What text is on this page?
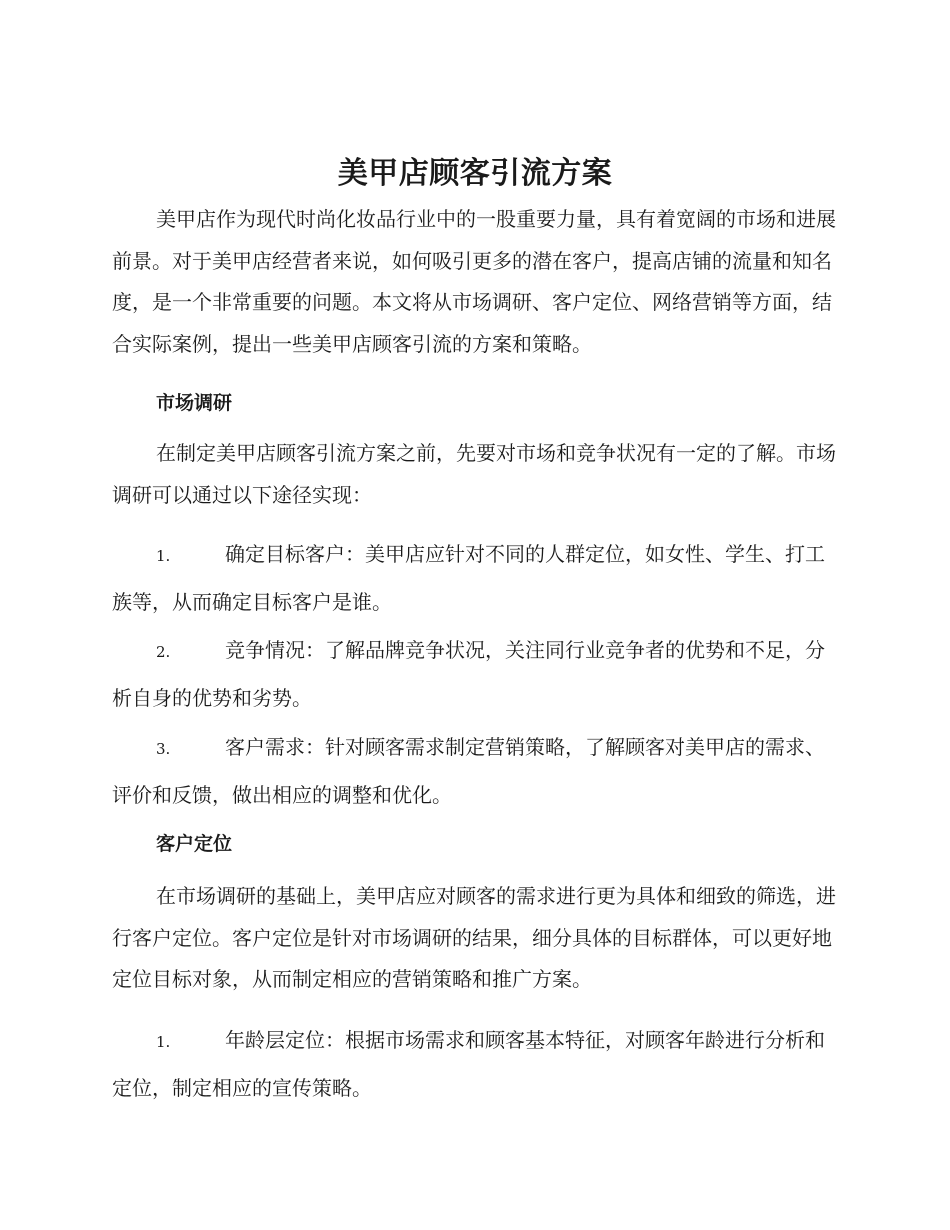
美甲店顾客引流方案

美甲店作为现代时尚化妆品行业中的一股重要力量，具有着宽阔的市场和进展前景。对于美甲店经营者来说，如何吸引更多的潜在客户，提高店铺的流量和知名度，是一个非常重要的问题。本文将从市场调研、客户定位、网络营销等方面，结合实际案例，提出一些美甲店顾客引流的方案和策略。

市场调研

在制定美甲店顾客引流方案之前，先要对市场和竞争状况有一定的了解。市场调研可以通过以下途径实现：

1.	确定目标客户：美甲店应针对不同的人群定位，如女性、学生、打工族等，从而确定目标客户是谁。

2.	竞争情况：了解品牌竞争状况，关注同行业竞争者的优势和不足，分析自身的优势和劣势。

3.	客户需求：针对顾客需求制定营销策略，了解顾客对美甲店的需求、评价和反馈，做出相应的调整和优化。

客户定位

在市场调研的基础上，美甲店应对顾客的需求进行更为具体和细致的筛选，进行客户定位。客户定位是针对市场调研的结果，细分具体的目标群体，可以更好地定位目标对象，从而制定相应的营销策略和推广方案。

1.	年龄层定位：根据市场需求和顾客基本特征，对顾客年龄进行分析和定位，制定相应的宣传策略。
